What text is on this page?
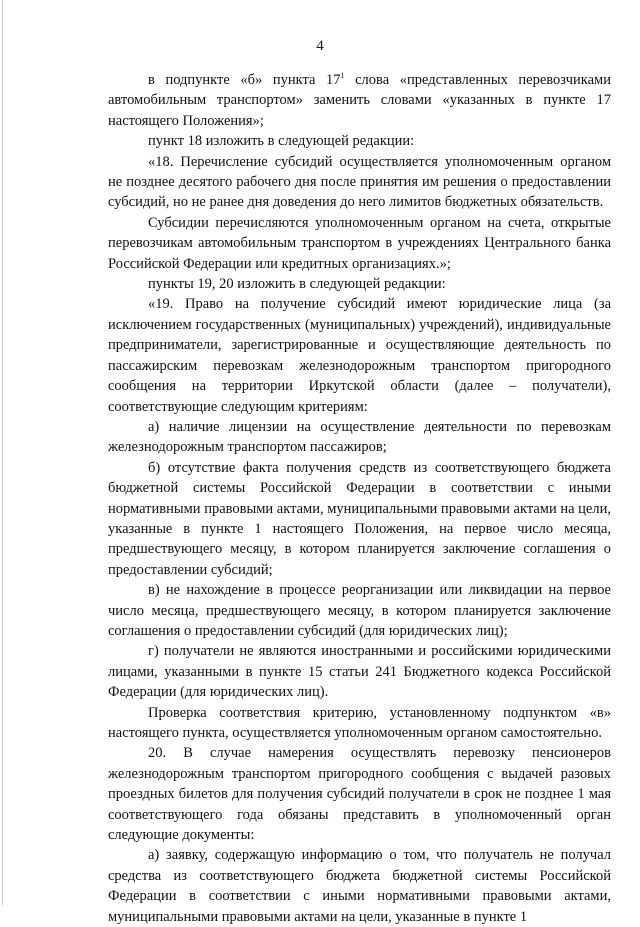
4

в подпункте «б» пункта $17^1$ слова «представленных перевозчиками автомобильным транспортом» заменить словами «указанных в пункте 17 настоящего Положения»;

пункт 18 изложить в следующей редакции:

«18. Перечисление субсидий осуществляется уполномоченным органом не позднее десятого рабочего дня после принятия им решения о предоставлении субсидий, но не ранее дня доведения до него лимитов бюджетных обязательств.

Субсидии перечисляются уполномоченным органом на счета, открытые перевозчикам автомобильным транспортом в учреждениях Центрального банка Российской Федерации или кредитных организациях.»;

пункты 19, 20 изложить в следующей редакции:

«19. Право на получение субсидий имеют юридические лица (за исключением государственных (муниципальных) учреждений), индивидуальные предприниматели, зарегистрированные и осуществляющие деятельность по пассажирским перевозкам железнодорожным транспортом пригородного сообщения на территории Иркутской области (далее – получатели), соответствующие следующим критериям:

а) наличие лицензии на осуществление деятельности по перевозкам железнодорожным транспортом пассажиров;

б) отсутствие факта получения средств из соответствующего бюджета бюджетной системы Российской Федерации в соответствии с иными нормативными правовыми актами, муниципальными правовыми актами на цели, указанные в пункте 1 настоящего Положения, на первое число месяца, предшествующего месяцу, в котором планируется заключение соглашения о предоставлении субсидий;

в) не нахождение в процессе реорганизации или ликвидации на первое число месяца, предшествующего месяцу, в котором планируется заключение соглашения о предоставлении субсидий (для юридических лиц);

г) получатели не являются иностранными и российскими юридическими лицами, указанными в пункте 15 статьи 241 Бюджетного кодекса Российской Федерации (для юридических лиц).

Проверка соответствия критерию, установленному подпунктом «в» настоящего пункта, осуществляется уполномоченным органом самостоятельно.

20. В случае намерения осуществлять перевозку пенсионеров железнодорожным транспортом пригородного сообщения с выдачей разовых проездных билетов для получения субсидий получатели в срок не позднее 1 мая соответствующего года обязаны представить в уполномоченный орган следующие документы:

а) заявку, содержащую информацию о том, что получатель не получал средства из соответствующего бюджета бюджетной системы Российской Федерации в соответствии с иными нормативными правовыми актами, муниципальными правовыми актами на цели, указанные в пункте 1
